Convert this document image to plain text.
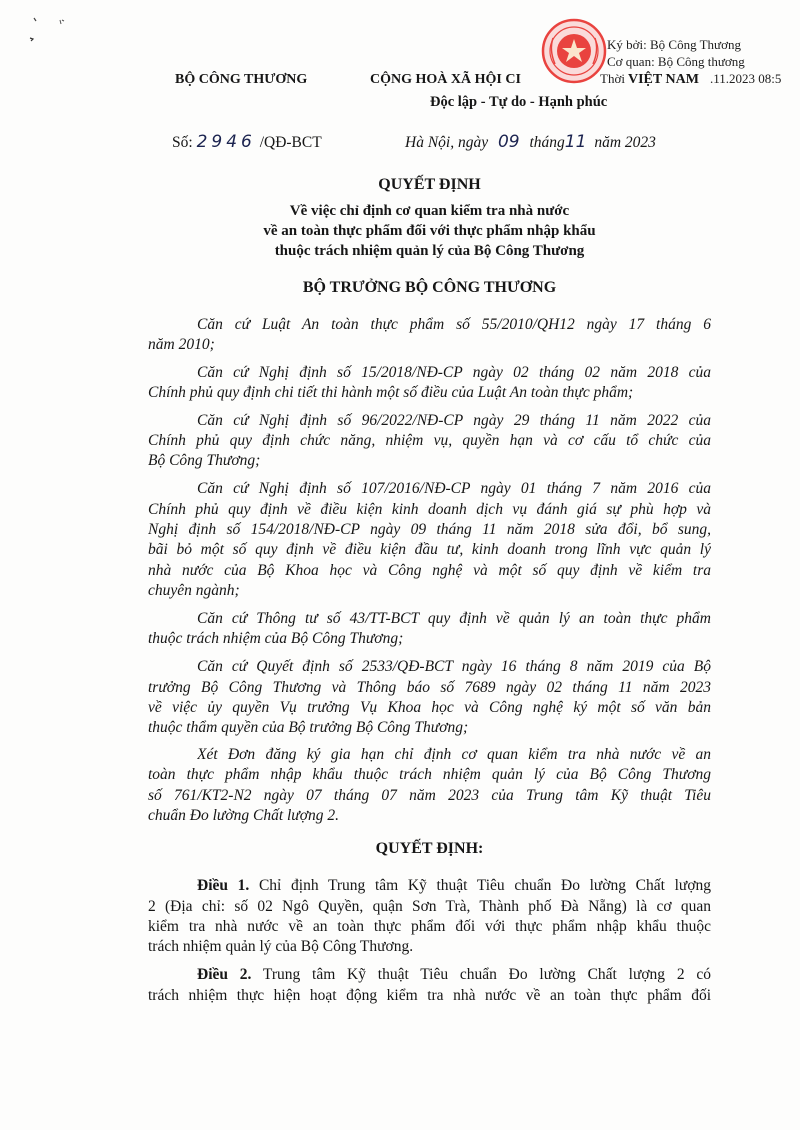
Ký bởi: Bộ Công Thương
Cơ quan: Bộ Công thương
Thời	.11.2023 08:5
BỘ CÔNG THƯƠNG	CỘNG HOÀ XÃ HỘI CI	VIỆT NAM
Độc lập - Tự do - Hạnh phúc
Số: 2946 /QĐ-BCT	Hà Nội, ngày 09 tháng11 năm 2023
QUYẾT ĐỊNH
Về việc chỉ định cơ quan kiểm tra nhà nước
về an toàn thực phẩm đối với thực phẩm nhập khẩu
thuộc trách nhiệm quản lý của Bộ Công Thương
BỘ TRƯỞNG BỘ CÔNG THƯƠNG
Căn cứ Luật An toàn thực phẩm số 55/2010/QH12 ngày 17 tháng 6
năm 2010;
Căn cứ Nghị định số 15/2018/NĐ-CP ngày 02 tháng 02 năm 2018 của
Chính phủ quy định chi tiết thi hành một số điều của Luật An toàn thực phẩm;
Căn cứ Nghị định số 96/2022/NĐ-CP ngày 29 tháng 11 năm 2022 của
Chính phủ quy định chức năng, nhiệm vụ, quyền hạn và cơ cấu tổ chức của
Bộ Công Thương;
Căn cứ Nghị định số 107/2016/NĐ-CP ngày 01 tháng 7 năm 2016 của
Chính phủ quy định về điều kiện kinh doanh dịch vụ đánh giá sự phù hợp và
Nghị định số 154/2018/NĐ-CP ngày 09 tháng 11 năm 2018 sửa đổi, bổ sung,
bãi bỏ một số quy định về điều kiện đầu tư, kinh doanh trong lĩnh vực quản lý
nhà nước của Bộ Khoa học và Công nghệ và một số quy định về kiểm tra
chuyên ngành;
Căn cứ Thông tư số 43/TT-BCT quy định về quản lý an toàn thực phẩm
thuộc trách nhiệm của Bộ Công Thương;
Căn cứ Quyết định số 2533/QĐ-BCT ngày 16 tháng 8 năm 2019 của Bộ
trưởng Bộ Công Thương và Thông báo số 7689 ngày 02 tháng 11 năm 2023
về việc ủy quyền Vụ trưởng Vụ Khoa học và Công nghệ ký một số văn bản
thuộc thẩm quyền của Bộ trưởng Bộ Công Thương;
Xét Đơn đăng ký gia hạn chỉ định cơ quan kiểm tra nhà nước về an
toàn thực phẩm nhập khẩu thuộc trách nhiệm quản lý của Bộ Công Thương
số 761/KT2-N2 ngày 07 tháng 07 năm 2023 của Trung tâm Kỹ thuật Tiêu
chuẩn Đo lường Chất lượng 2.
QUYẾT ĐỊNH:
Điều 1. Chỉ định Trung tâm Kỹ thuật Tiêu chuẩn Đo lường Chất lượng
2 (Địa chỉ: số 02 Ngô Quyền, quận Sơn Trà, Thành phố Đà Nẵng) là cơ quan
kiểm tra nhà nước về an toàn thực phẩm đối với thực phẩm nhập khẩu thuộc
trách nhiệm quản lý của Bộ Công Thương.
Điều 2. Trung tâm Kỹ thuật Tiêu chuẩn Đo lường Chất lượng 2 có
trách nhiệm thực hiện hoạt động kiểm tra nhà nước về an toàn thực phẩm đối
